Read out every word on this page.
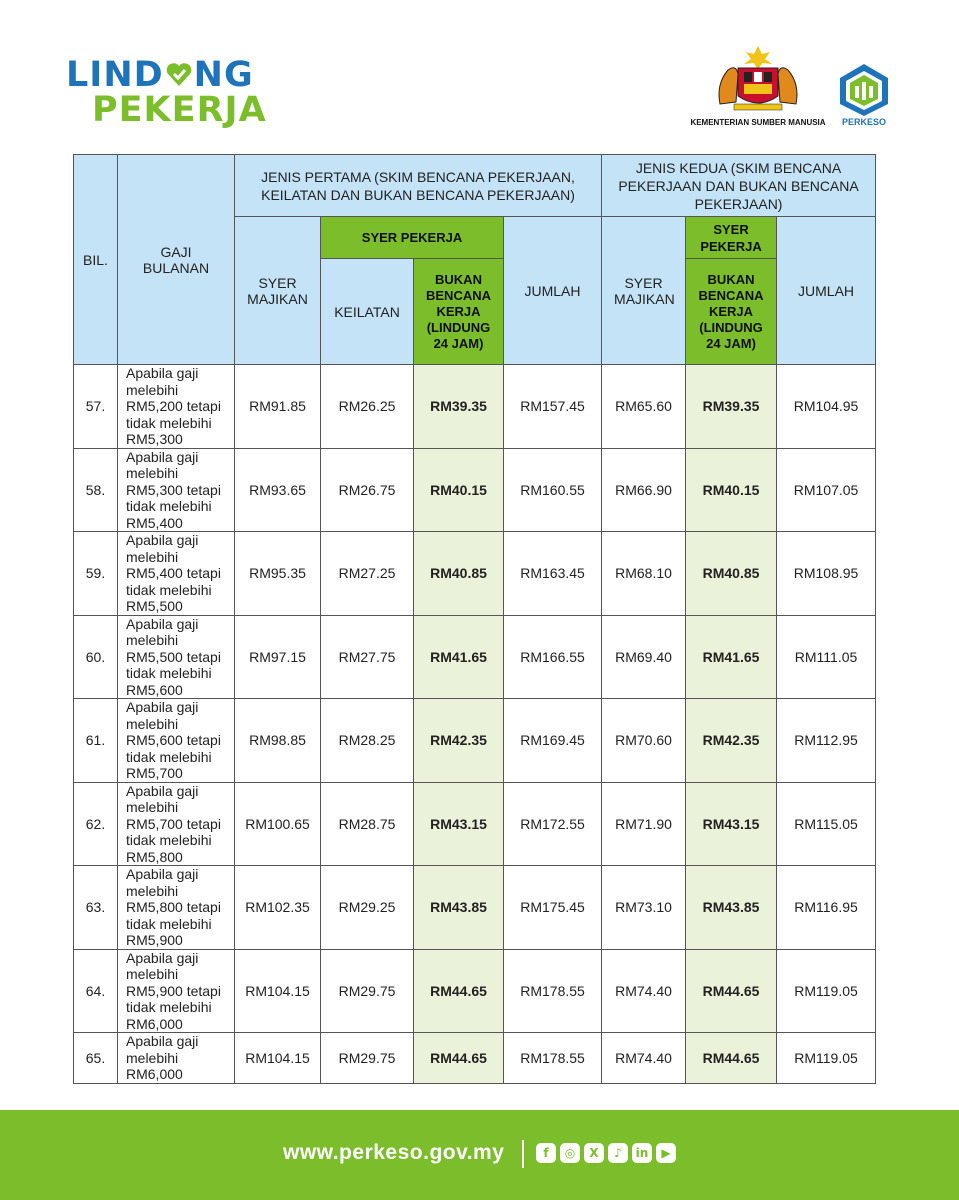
LIND NG
PEKERJA	KEMENTERIAN SUMBER MANUSIA	PERKESO
BIL.	GAJI BULANAN	JENIS PERTAMA (SKIM BENCANA PEKERJAAN, KEILATAN DAN BUKAN BENCANA PEKERJAAN)				JENIS KEDUA (SKIM BENCANA PEKERJAAN DAN BUKAN BENCANA PEKERJAAN)		
		SYER MAJIKAN	SYER PEKERJA		JUMLAH	SYER MAJIKAN	SYER PEKERJA	JUMLAH
			KEILATAN	BUKAN BENCANA KERJA (LINDUNG 24 JAM)			BUKAN BENCANA KERJA (LINDUNG 24 JAM)	
57.	Apabila gaji melebihi RM5,200 tetapi tidak melebihi RM5,300	RM91.85	RM26.25	RM39.35	RM157.45	RM65.60	RM39.35	RM104.95
58.	Apabila gaji melebihi RM5,300 tetapi tidak melebihi RM5,400	RM93.65	RM26.75	RM40.15	RM160.55	RM66.90	RM40.15	RM107.05
59.	Apabila gaji melebihi RM5,400 tetapi tidak melebihi RM5,500	RM95.35	RM27.25	RM40.85	RM163.45	RM68.10	RM40.85	RM108.95
60.	Apabila gaji melebihi RM5,500 tetapi tidak melebihi RM5,600	RM97.15	RM27.75	RM41.65	RM166.55	RM69.40	RM41.65	RM111.05
61.	Apabila gaji melebihi RM5,600 tetapi tidak melebihi RM5,700	RM98.85	RM28.25	RM42.35	RM169.45	RM70.60	RM42.35	RM112.95
62.	Apabila gaji melebihi RM5,700 tetapi tidak melebihi RM5,800	RM100.65	RM28.75	RM43.15	RM172.55	RM71.90	RM43.15	RM115.05
63.	Apabila gaji melebihi RM5,800 tetapi tidak melebihi RM5,900	RM102.35	RM29.25	RM43.85	RM175.45	RM73.10	RM43.85	RM116.95
64.	Apabila gaji melebihi RM5,900 tetapi tidak melebihi RM6,000	RM104.15	RM29.75	RM44.65	RM178.55	RM74.40	RM44.65	RM119.05
65.	Apabila gaji melebihi RM6,000	RM104.15	RM29.75	RM44.65	RM178.55	RM74.40	RM44.65	RM119.05
www.perkeso.gov.my	f	◎	X	♪	in	▶
